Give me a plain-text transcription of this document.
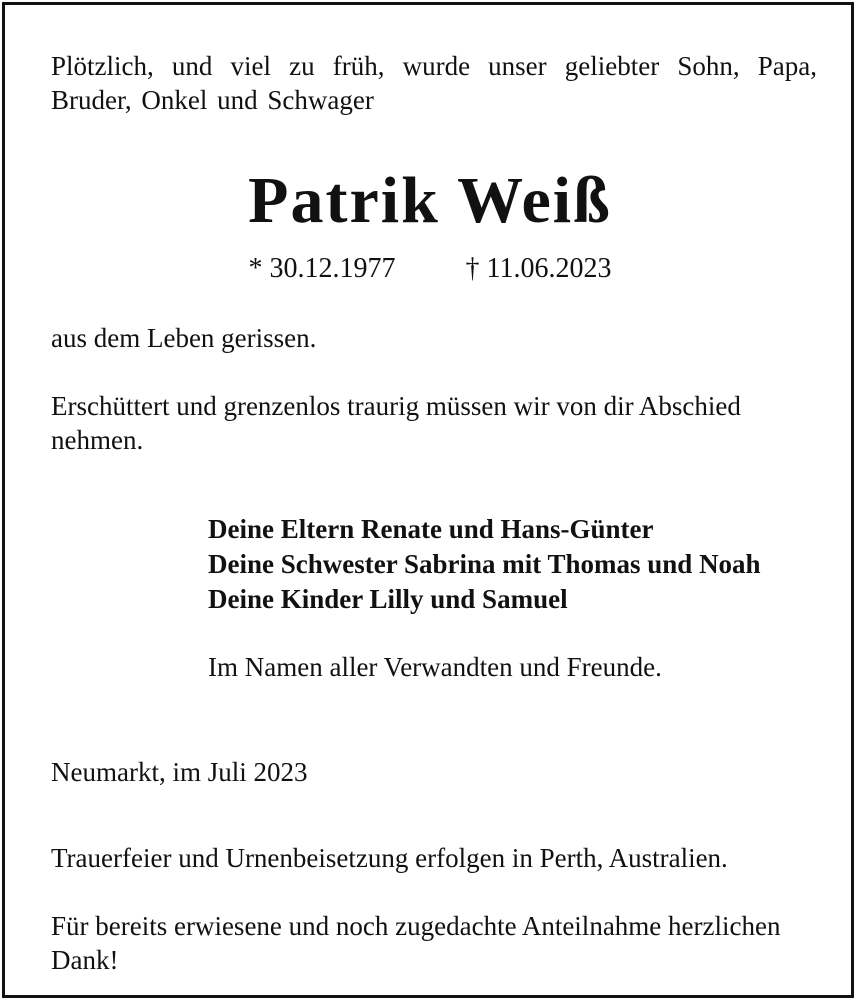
Plötzlich, und viel zu früh, wurde unser geliebter Sohn, Papa, Bruder, Onkel und Schwager

Patrik Weiß
* 30.12.1977	† 11.06.2023

aus dem Leben gerissen.

Erschüttert und grenzenlos traurig müssen wir von dir Abschied nehmen.

Deine Eltern Renate und Hans-Günter
Deine Schwester Sabrina mit Thomas und Noah
Deine Kinder Lilly und Samuel

Im Namen aller Verwandten und Freunde.

Neumarkt, im Juli 2023

Trauerfeier und Urnenbeisetzung erfolgen in Perth, Australien.

Für bereits erwiesene und noch zugedachte Anteilnahme herzlichen Dank!
